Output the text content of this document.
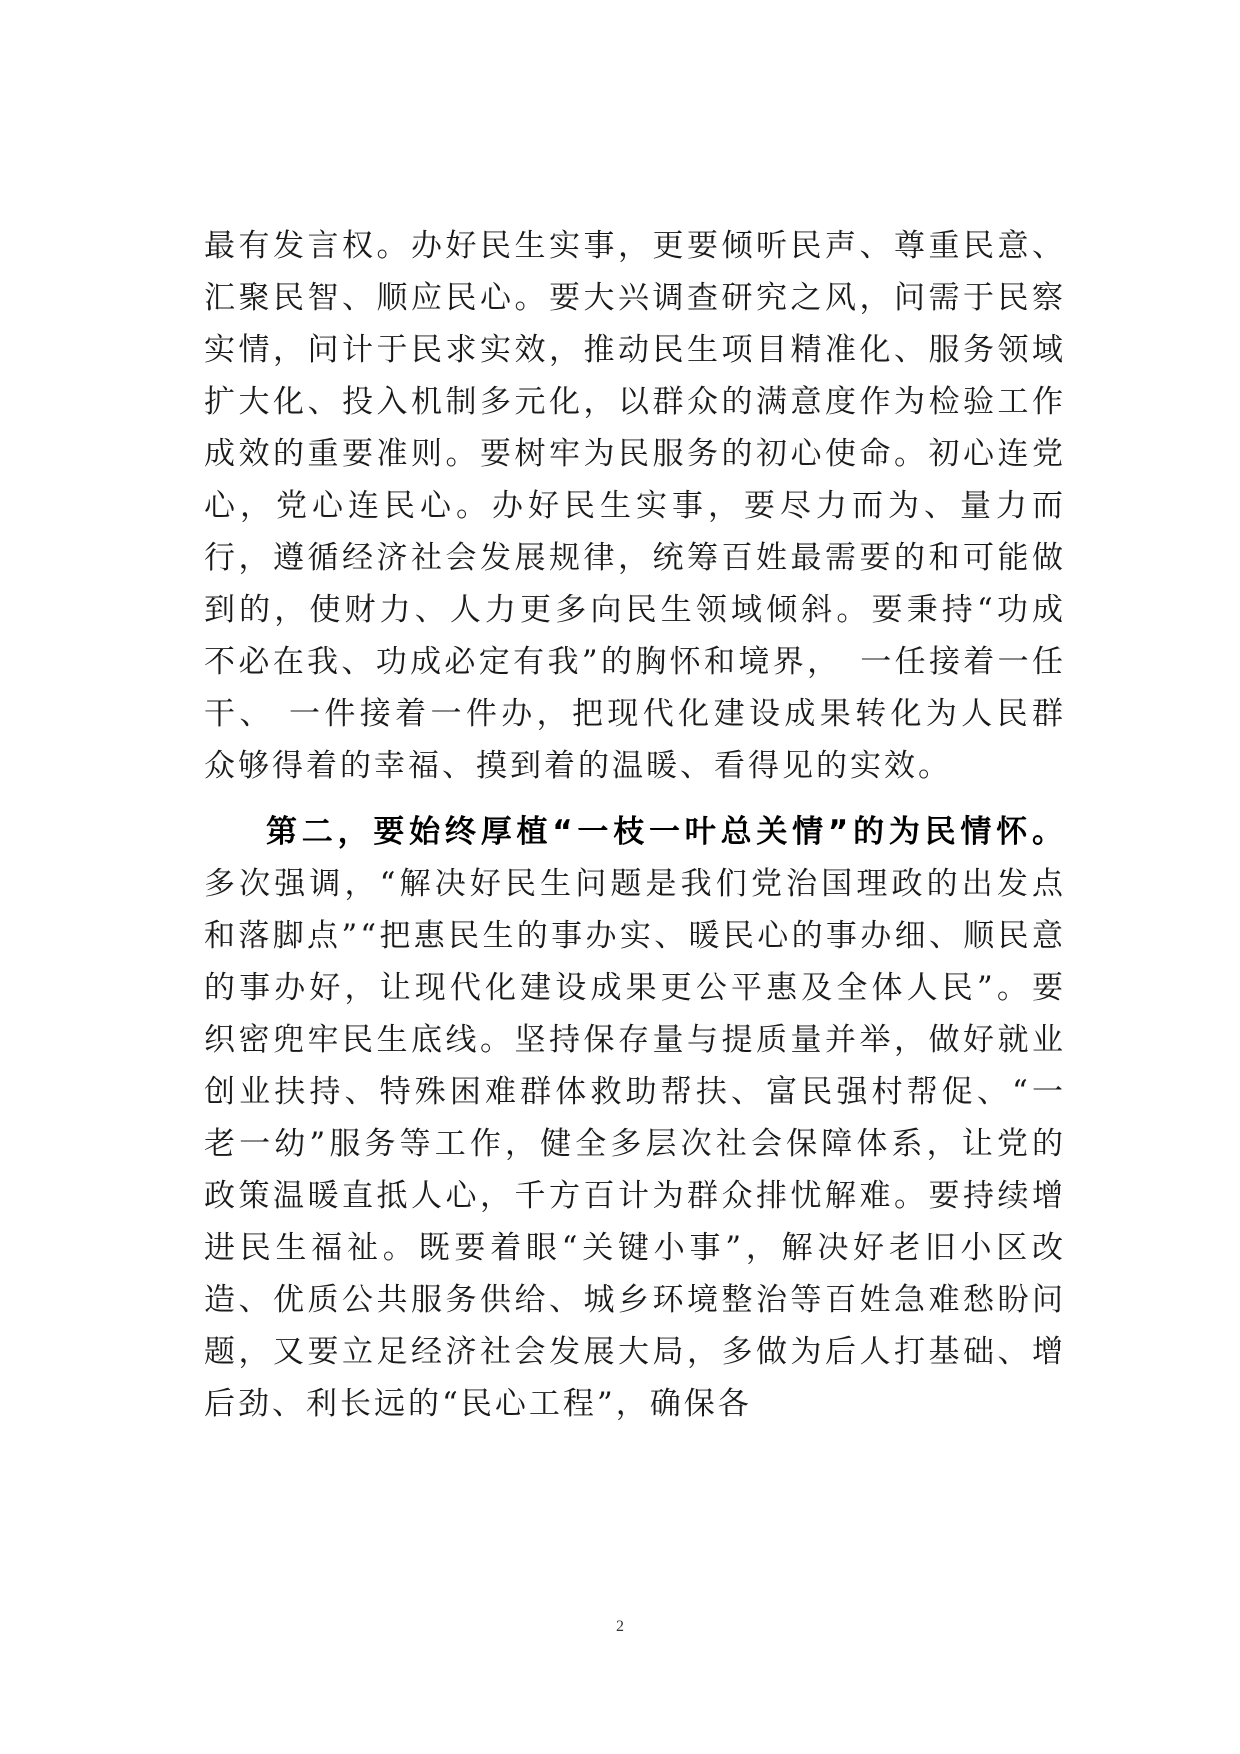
最有发言权。办好民生实事，更要倾听民声、尊重民意、汇聚民智、顺应民心。要大兴调查研究之风，问需于民察实情，问计于民求实效，推动民生项目精准化、服务领域扩大化、投入机制多元化，以群众的满意度作为检验工作成效的重要准则。要树牢为民服务的初心使命。初心连党心，党心连民心。办好民生实事，要尽力而为、量力而行，遵循经济社会发展规律，统筹百姓最需要的和可能做到的，使财力、人力更多向民生领域倾斜。要秉持“功成不必在我、功成必定有我”的胸怀和境界，　一任接着一任干、 一件接着一件办，把现代化建设成果转化为人民群众够得着的幸福、摸到着的温暖、看得见的实效。

第二，要始终厚植“一枝一叶总关情”的为民情怀。 多次强调，“解决好民生问题是我们党治国理政的出发点和落脚点”“把惠民生的事办实、暖民心的事办细、顺民意的事办好，让现代化建设成果更公平惠及全体人民”。要织密兜牢民生底线。坚持保存量与提质量并举，做好就业创业扶持、特殊困难群体救助帮扶、富民强村帮促、“一老一幼”服务等工作，健全多层次社会保障体系，让党的政策温暖直抵人心，千方百计为群众排忧解难。要持续增进民生福祉。既要着眼“关键小事”，解决好老旧小区改造、优质公共服务供给、城乡环境整治等百姓急难愁盼问题，又要立足经济社会发展大局，多做为后人打基础、增后劲、利长远的“民心工程”，确保各

2
